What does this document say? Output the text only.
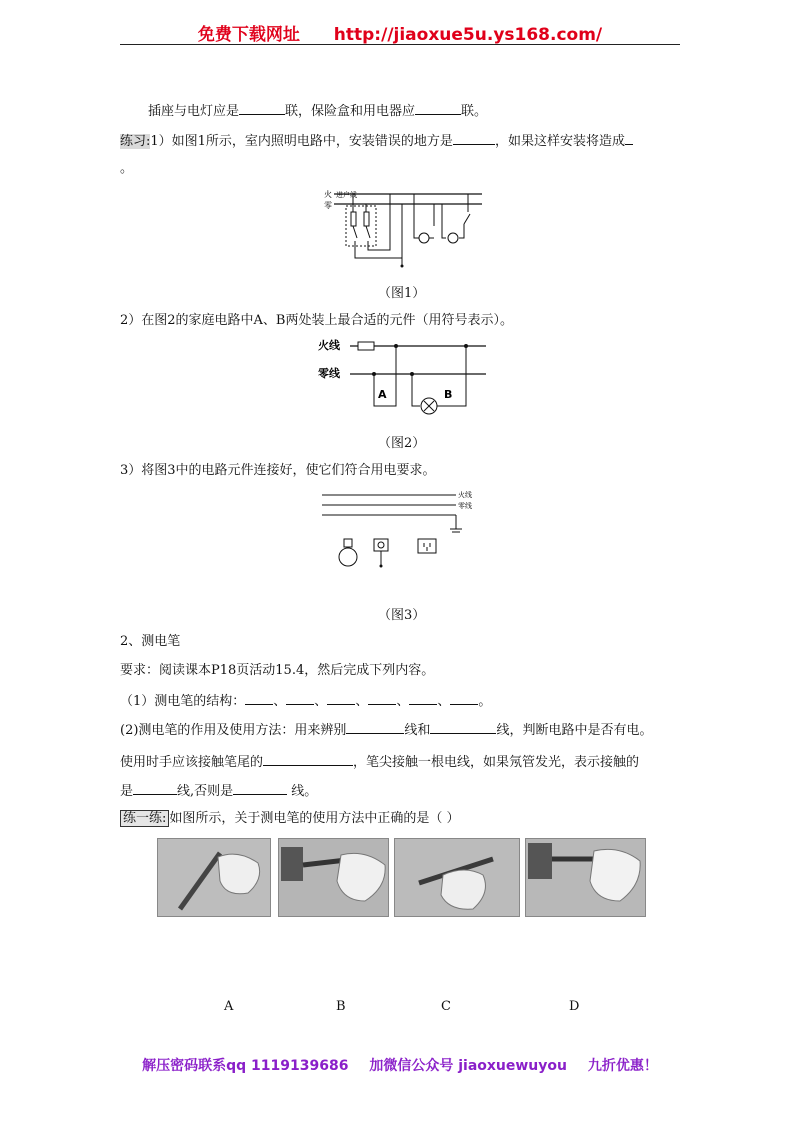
免费下载网址 http://jiaoxue5u.ys168.com/
插座与电灯应是	联，保险盒和用电器应	联。
练习:1）如图1所示，室内照明电路中，安装错误的地方是	，如果这样安装将造成
。
火
零
进户线
（图1）
2）在图2的家庭电路中A、B两处装上最合适的元件（用符号表示）。
火线
零线
A	B
（图2）
3）将图3中的电路元件连接好，使它们符合用电要求。
火线
零线
（图3）
2、测电笔
要求：阅读课本P18页活动15.4，然后完成下列内容。
（1）测电笔的结构： 、 、 、 、 、 。
(2)测电笔的作用及使用方法：用来辨别	线和	线，判断电路中是否有电。
使用时手应该接触笔尾的	，笔尖接触一根电线，如果氖管发光，表示接触的
是	线,否则是	线。
练一练: 如图所示，关于测电笔的使用方法中正确的是（ ）
A	B	C	D
解压密码联系qq 1119139686 加微信公众号 jiaoxuewuyou 九折优惠！
